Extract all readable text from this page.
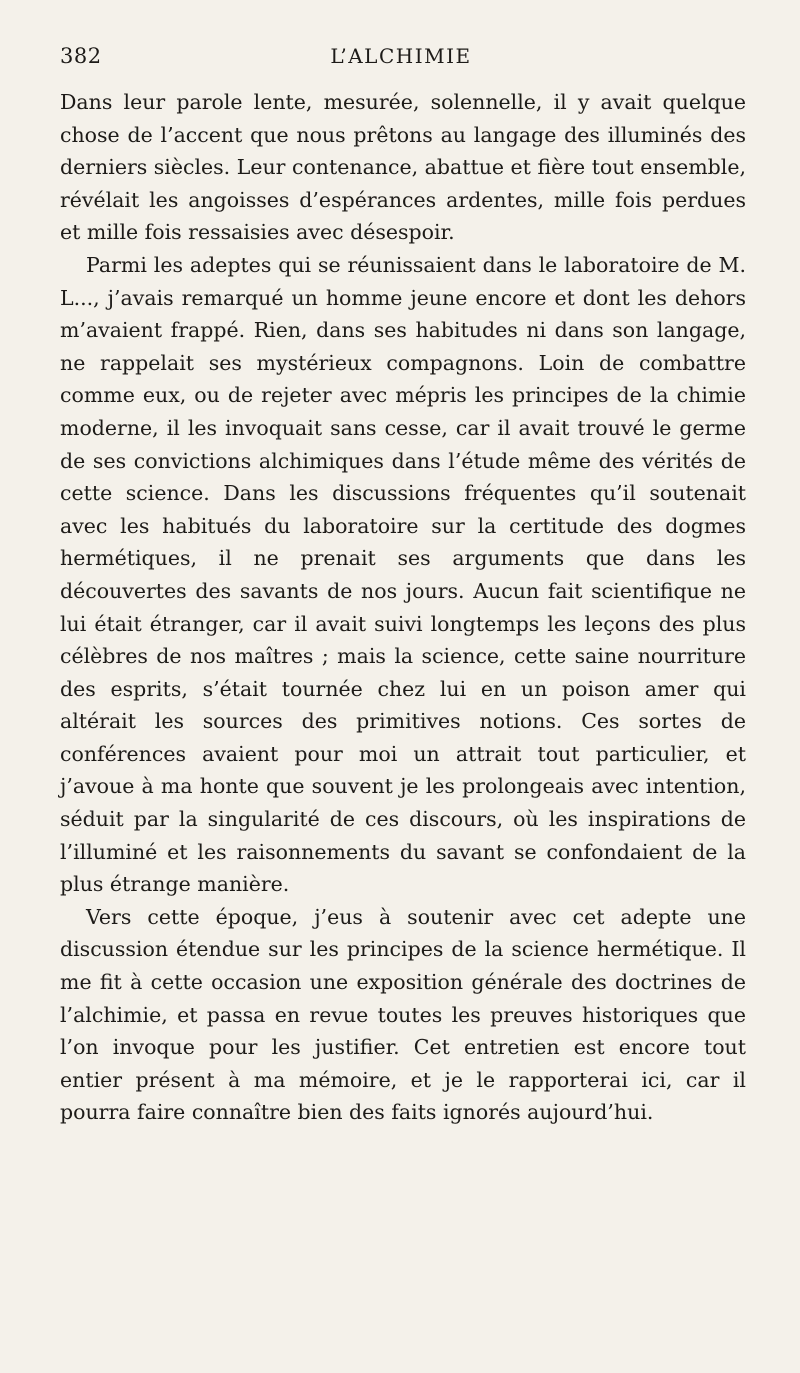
382	L’ALCHIMIE

Dans leur parole lente, mesurée, solennelle, il y avait quelque chose de l’accent que nous prêtons au langage des illuminés des derniers siècles. Leur contenance, abattue et fière tout ensemble, révélait les angoisses d’espérances ardentes, mille fois perdues et mille fois ressaisies avec désespoir.

Parmi les adeptes qui se réunissaient dans le laboratoire de M. L..., j’avais remarqué un homme jeune encore et dont les dehors m’avaient frappé. Rien, dans ses habitudes ni dans son langage, ne rappelait ses mystérieux compagnons. Loin de combattre comme eux, ou de rejeter avec mépris les principes de la chimie moderne, il les invoquait sans cesse, car il avait trouvé le germe de ses convictions alchimiques dans l’étude même des vérités de cette science. Dans les discussions fréquentes qu’il soutenait avec les habitués du laboratoire sur la certitude des dogmes hermétiques, il ne prenait ses arguments que dans les découvertes des savants de nos jours. Aucun fait scientifique ne lui était étranger, car il avait suivi longtemps les leçons des plus célèbres de nos maîtres ; mais la science, cette saine nourriture des esprits, s’était tournée chez lui en un poison amer qui altérait les sources des primitives notions. Ces sortes de conférences avaient pour moi un attrait tout particulier, et j’avoue à ma honte que souvent je les prolongeais avec intention, séduit par la singularité de ces discours, où les inspirations de l’illuminé et les raisonnements du savant se confondaient de la plus étrange manière.

Vers cette époque, j’eus à soutenir avec cet adepte une discussion étendue sur les principes de la science hermétique. Il me fit à cette occasion une exposition générale des doctrines de l’alchimie, et passa en revue toutes les preuves historiques que l’on invoque pour les justifier. Cet entretien est encore tout entier présent à ma mémoire, et je le rapporterai ici, car il pourra faire connaître bien des faits ignorés aujourd’hui.
